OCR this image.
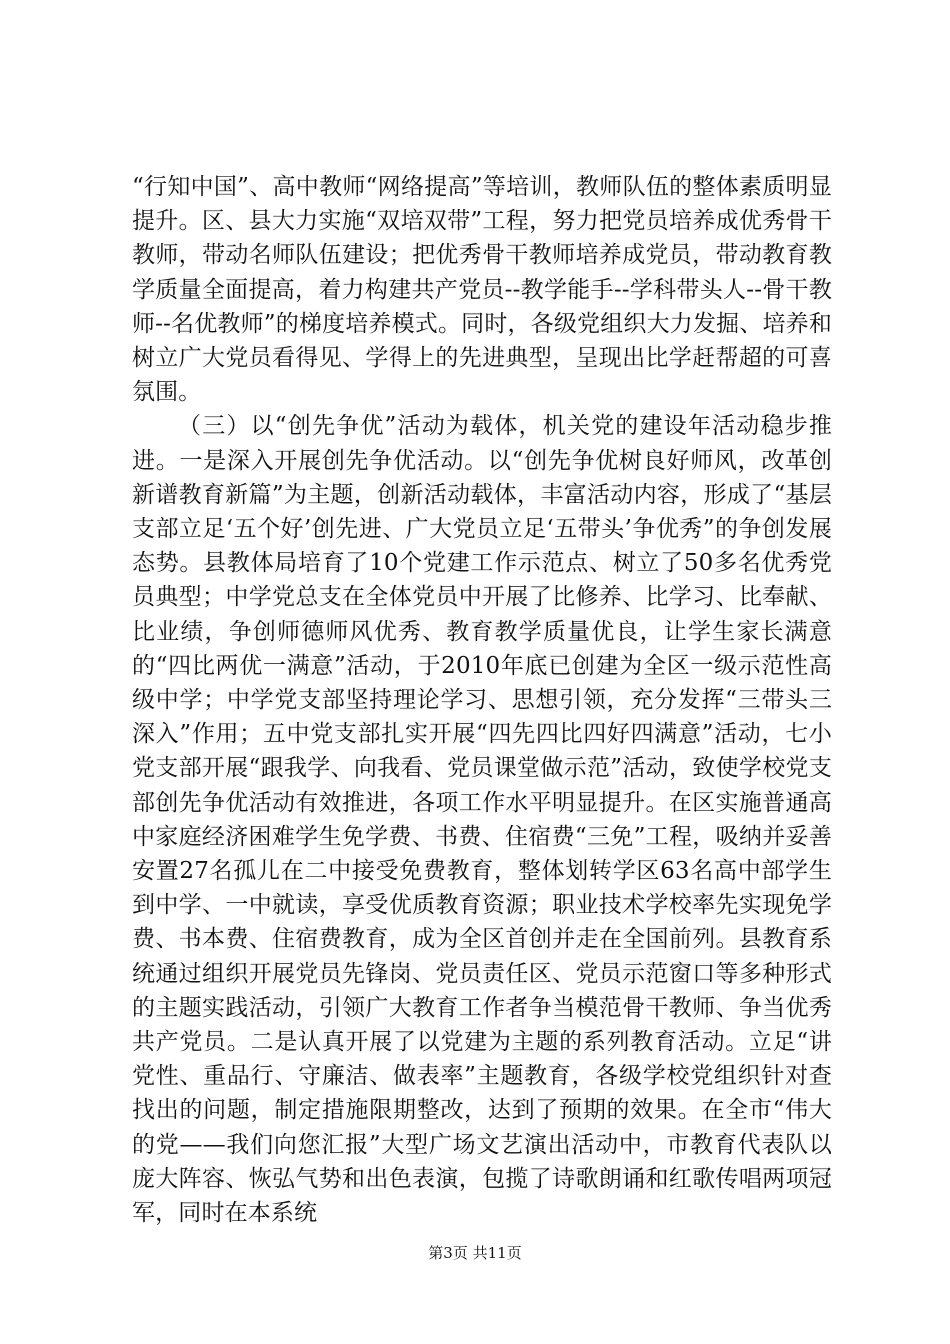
“行知中国”、高中教师“网络提高”等培训，教师队伍的整体素质明显提升。区、县大力实施“双培双带”工程，努力把党员培养成优秀骨干教师，带动名师队伍建设；把优秀骨干教师培养成党员，带动教育教学质量全面提高，着力构建共产党员--教学能手--学科带头人--骨干教师--名优教师”的梯度培养模式。同时，各级党组织大力发掘、培养和树立广大党员看得见、学得上的先进典型，呈现出比学赶帮超的可喜氛围。

（三）以“创先争优”活动为载体，机关党的建设年活动稳步推进。一是深入开展创先争优活动。以“创先争优树良好师风，改革创新谱教育新篇”为主题，创新活动载体，丰富活动内容，形成了“基层支部立足‘五个好’创先进、广大党员立足‘五带头’争优秀”的争创发展态势。县教体局培育了10个党建工作示范点、树立了50多名优秀党员典型；中学党总支在全体党员中开展了比修养、比学习、比奉献、比业绩，争创师德师风优秀、教育教学质量优良，让学生家长满意的“四比两优一满意”活动，于2010年底已创建为全区一级示范性高级中学；中学党支部坚持理论学习、思想引领，充分发挥“三带头三深入”作用；五中党支部扎实开展“四先四比四好四满意”活动，七小党支部开展“跟我学、向我看、党员课堂做示范”活动，致使学校党支部创先争优活动有效推进，各项工作水平明显提升。在区实施普通高中家庭经济困难学生免学费、书费、住宿费“三免”工程，吸纳并妥善安置27名孤儿在二中接受免费教育，整体划转学区63名高中部学生到中学、一中就读，享受优质教育资源；职业技术学校率先实现免学费、书本费、住宿费教育，成为全区首创并走在全国前列。县教育系统通过组织开展党员先锋岗、党员责任区、党员示范窗口等多种形式的主题实践活动，引领广大教育工作者争当模范骨干教师、争当优秀共产党员。二是认真开展了以党建为主题的系列教育活动。立足“讲党性、重品行、守廉洁、做表率”主题教育，各级学校党组织针对查找出的问题，制定措施限期整改，达到了预期的效果。在全市“伟大的党——我们向您汇报”大型广场文艺演出活动中，市教育代表队以庞大阵容、恢弘气势和出色表演，包揽了诗歌朗诵和红歌传唱两项冠军，同时在本系统

第3页 共11页
